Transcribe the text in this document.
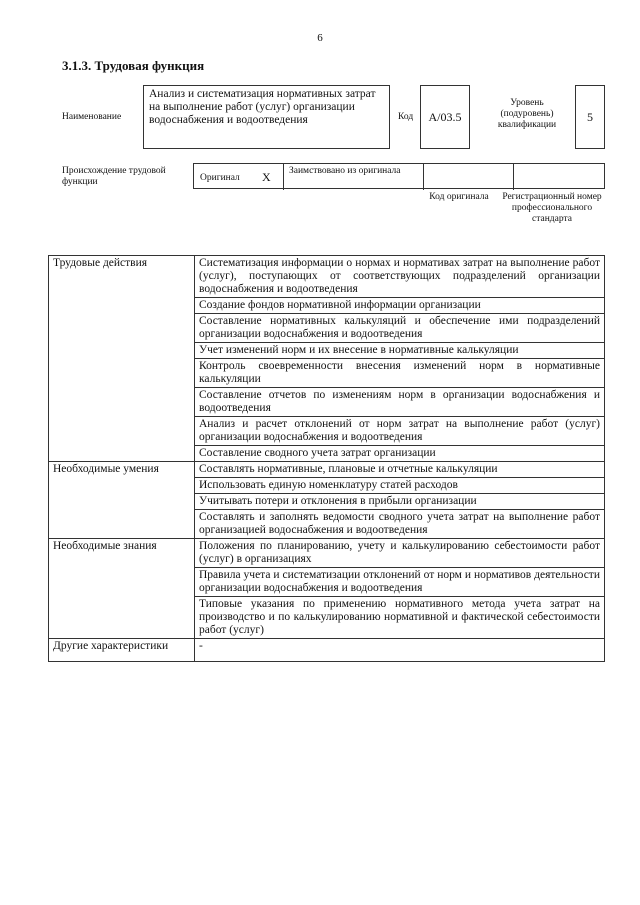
6
3.1.3. Трудовая функция
Наименование
Анализ и систематизация нормативных затрат на выполнение работ (услуг) организации водоснабжения и водоотведения	Код	А/03.5
Уровень (подуровень) квалификации
5
Происхождение трудовой функции	Оригинал Х Заимствовано из оригинала
Код оригинала Регистрационный номер профессионального стандарта
Трудовые действия	Систематизация информации о нормах и нормативах затрат на выполнение работ (услуг), поступающих от соответствующих подразделений организации водоснабжения и водоотведения
	Создание фондов нормативной информации организации
	Составление нормативных калькуляций и обеспечение ими подразделений организации водоснабжения и водоотведения
	Учет изменений норм и их внесение в нормативные калькуляции
	Контроль своевременности внесения изменений норм в нормативные калькуляции
	Составление отчетов по изменениям норм в организации водоснабжения и водоотведения
	Анализ и расчет отклонений от норм затрат на выполнение работ (услуг) организации водоснабжения и водоотведения
	Составление сводного учета затрат организации
Необходимые умения	Составлять нормативные, плановые и отчетные калькуляции
	Использовать единую номенклатуру статей расходов
	Учитывать потери и отклонения в прибыли организации
	Составлять и заполнять ведомости сводного учета затрат на выполнение работ организацией водоснабжения и водоотведения
Необходимые знания	Положения по планированию, учету и калькулированию себестоимости работ (услуг) в организациях
	Правила учета и систематизации отклонений от норм и нормативов деятельности организации водоснабжения и водоотведения
	Типовые указания по применению нормативного метода учета затрат на производство и по калькулированию нормативной и фактической себестоимости работ (услуг)
Другие характеристики	-
